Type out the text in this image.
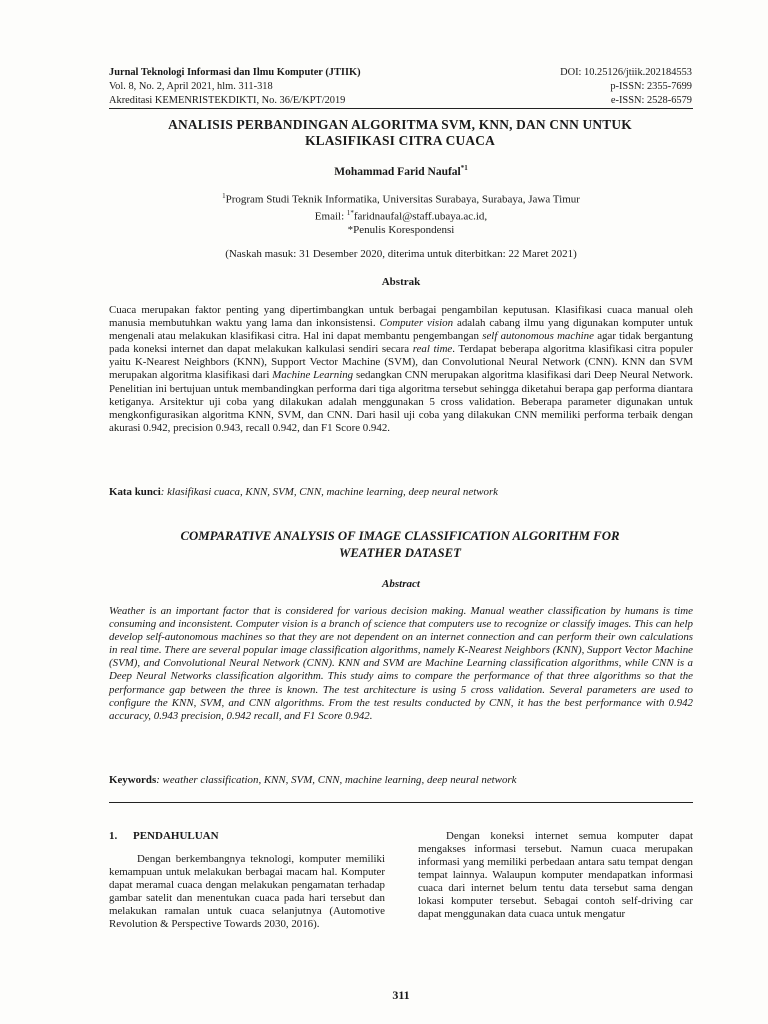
Jurnal Teknologi Informasi dan Ilmu Komputer (JTIIK)
Vol. 8, No. 2, April 2021, hlm. 311-318
Akreditasi KEMENRISTEKDIKTI, No. 36/E/KPT/2019
DOI: 10.25126/jtiik.202184553
p-ISSN: 2355-7699
e-ISSN: 2528-6579
ANALISIS PERBANDINGAN ALGORITMA SVM, KNN, DAN CNN UNTUK
KLASIFIKASI CITRA CUACA
Mohammad Farid Naufal$^{*1}$
$^1$Program Studi Teknik Informatika, Universitas Surabaya, Surabaya, Jawa Timur
Email: $^{1*}$faridnaufal@staff.ubaya.ac.id,
*Penulis Korespondensi
(Naskah masuk: 31 Desember 2020, diterima untuk diterbitkan: 22 Maret 2021)
Abstrak
Cuaca merupakan faktor penting yang dipertimbangkan untuk berbagai pengambilan keputusan. Klasifikasi cuaca manual oleh manusia membutuhkan waktu yang lama dan inkonsistensi. Computer vision adalah cabang ilmu yang digunakan komputer untuk mengenali atau melakukan klasifikasi citra. Hal ini dapat membantu pengembangan self autonomous machine agar tidak bergantung pada koneksi internet dan dapat melakukan kalkulasi sendiri secara real time. Terdapat beberapa algoritma klasifikasi citra populer yaitu K-Nearest Neighbors (KNN), Support Vector Machine (SVM), dan Convolutional Neural Network (CNN). KNN dan SVM merupakan algoritma klasifikasi dari Machine Learning sedangkan CNN merupakan algoritma klasifikasi dari Deep Neural Network. Penelitian ini bertujuan untuk membandingkan performa dari tiga algoritma tersebut sehingga diketahui berapa gap performa diantara ketiganya. Arsitektur uji coba yang dilakukan adalah menggunakan 5 cross validation. Beberapa parameter digunakan untuk mengkonfigurasikan algoritma KNN, SVM, dan CNN. Dari hasil uji coba yang dilakukan CNN memiliki performa terbaik dengan akurasi 0.942, precision 0.943, recall 0.942, dan F1 Score 0.942.
Kata kunci: klasifikasi cuaca, KNN, SVM, CNN, machine learning, deep neural network
COMPARATIVE ANALYSIS OF IMAGE CLASSIFICATION ALGORITHM FOR
WEATHER DATASET
Abstract
Weather is an important factor that is considered for various decision making. Manual weather classification by humans is time consuming and inconsistent. Computer vision is a branch of science that computers use to recognize or classify images. This can help develop self-autonomous machines so that they are not dependent on an internet connection and can perform their own calculations in real time. There are several popular image classification algorithms, namely K-Nearest Neighbors (KNN), Support Vector Machine (SVM), and Convolutional Neural Network (CNN). KNN and SVM are Machine Learning classification algorithms, while CNN is a Deep Neural Networks classification algorithm. This study aims to compare the performance of that three algorithms so that the performance gap between the three is known. The test architecture is using 5 cross validation. Several parameters are used to configure the KNN, SVM, and CNN algorithms. From the test results conducted by CNN, it has the best performance with 0.942 accuracy, 0.943 precision, 0.942 recall, and F1 Score 0.942.
Keywords: weather classification, KNN, SVM, CNN, machine learning, deep neural network
1. PENDAHULUAN

Dengan berkembangnya teknologi, komputer memiliki kemampuan untuk melakukan berbagai macam hal. Komputer dapat meramal cuaca dengan melakukan pengamatan terhadap gambar satelit dan menentukan cuaca pada hari tersebut dan melakukan ramalan untuk cuaca selanjutnya (Automotive Revolution & Perspective Towards 2030, 2016).

Dengan koneksi internet semua komputer dapat mengakses informasi tersebut. Namun cuaca merupakan informasi yang memiliki perbedaan antara satu tempat dengan tempat lainnya. Walaupun komputer mendapatkan informasi cuaca dari internet belum tentu data tersebut sama dengan lokasi komputer tersebut. Sebagai contoh self-driving car dapat menggunakan data cuaca untuk mengatur

311
